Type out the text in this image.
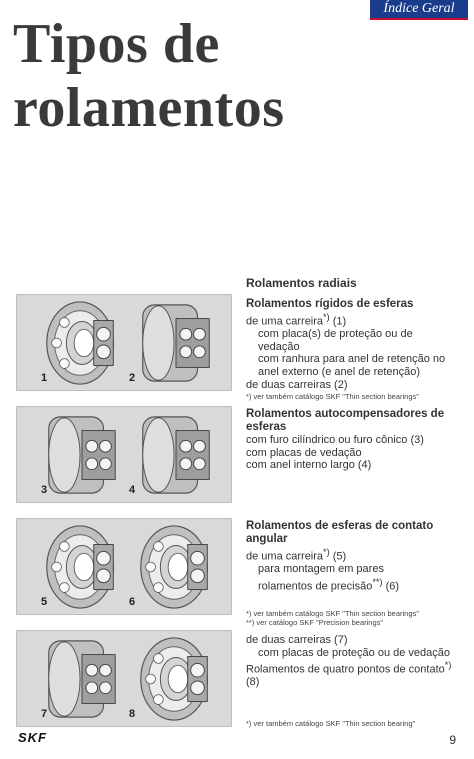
Índice Geral
Tipos de rolamentos
Rolamentos radiais
1	2
Rolamentos rígidos de esferas
de uma carreira*) (1)
com placa(s) de proteção ou de
vedação
com ranhura para anel de retenção no
anel externo (e anel de retenção)
de duas carreiras (2)
*) ver também catálogo SKF "Thin section bearings"
3	4
Rolamentos autocompensadores de esferas
com furo cilíndrico ou furo cônico (3)
com placas de vedação
com anel interno largo (4)
5	6
Rolamentos de esferas de contato angular
de uma carreira*) (5)
para montagem em pares
rolamentos de precisão**) (6)
*) ver também catálogo SKF "Thin section bearings"
**) ver catálogo SKF "Precision bearings"
7	8
de duas carreiras (7)
com placas de proteção ou de vedação
Rolamentos de quatro pontos de contato*)
(8)
*) ver também catálogo SKF "Thin section bearing"
SKF	9
